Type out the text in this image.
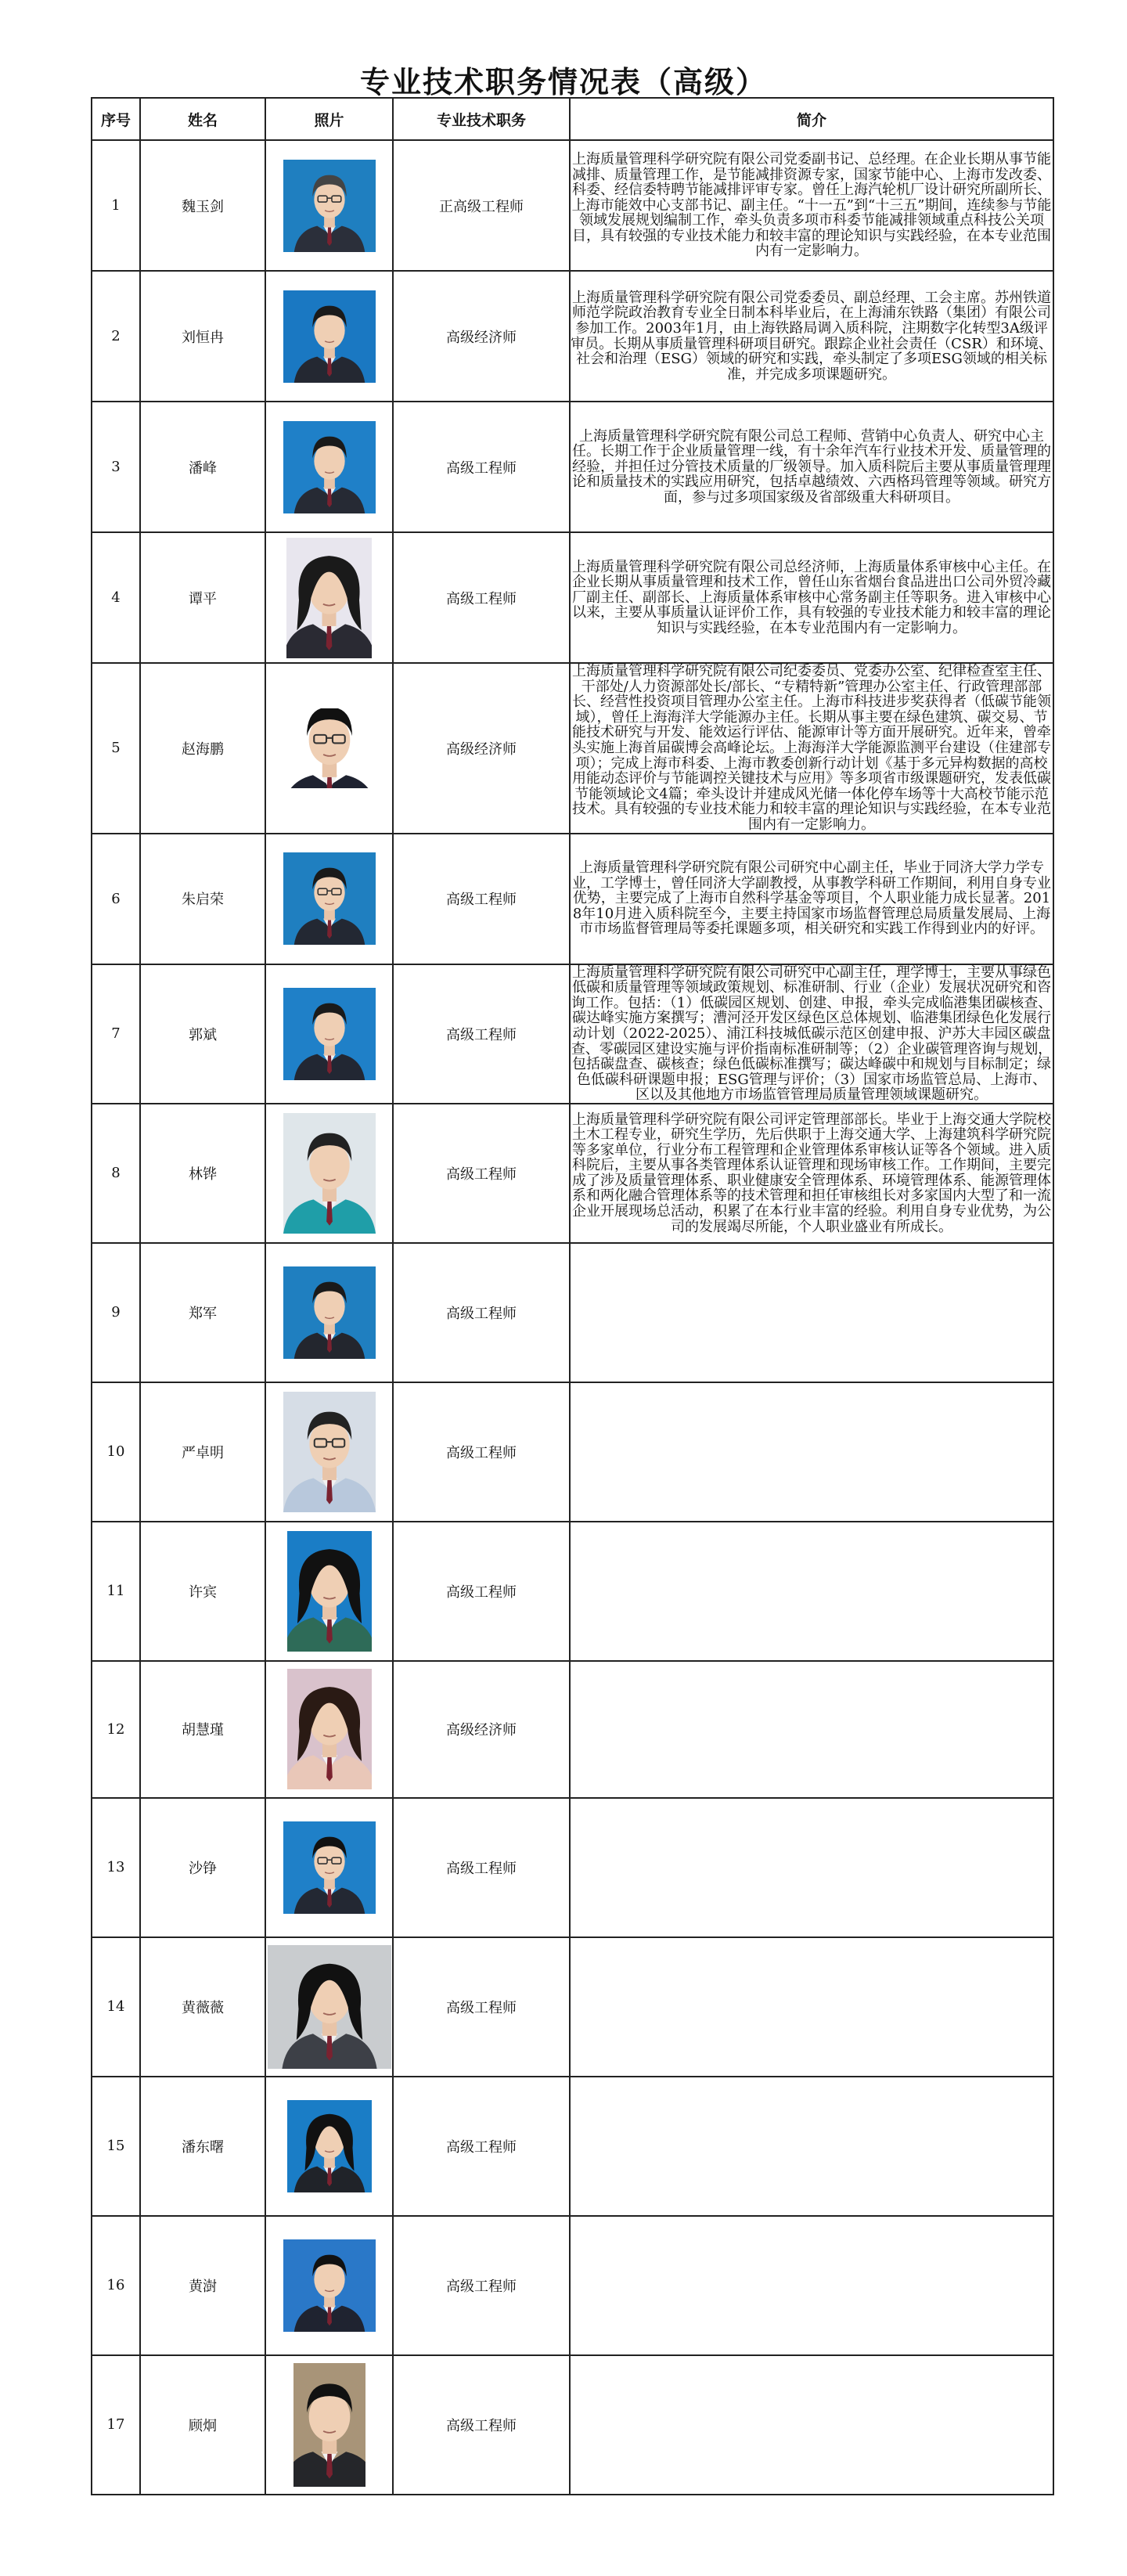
专业技术职务情况表（高级）
序号	姓名	照片	专业技术职务	简介
1	魏玉剑		正高级工程师	上海质量管理科学研究院有限公司党委副书记、总经理。在企业长期从事节能减排、质量管理工作，是节能减排资源专家，国家节能中心、上海市发改委、科委、经信委特聘节能减排评审专家。曾任上海汽轮机厂设计研究所副所长、上海市能效中心支部书记、副主任。“十一五”到“十三五”期间，连续参与节能领域发展规划编制工作，牵头负责多项市科委节能减排领域重点科技公关项目，具有较强的专业技术能力和较丰富的理论知识与实践经验，在本专业范围内有一定影响力。
2	刘恒冉		高级经济师	上海质量管理科学研究院有限公司党委委员、副总经理、工会主席。苏州铁道师范学院政治教育专业全日制本科毕业后，在上海浦东铁路（集团）有限公司参加工作。2003年1月，由上海铁路局调入质科院，注期数字化转型3A级评审员。长期从事质量管理科研项目研究。跟踪企业社会责任（CSR）和环境、社会和治理（ESG）领域的研究和实践，牵头制定了多项ESG领域的相关标准，并完成多项课题研究。
3	潘峰		高级工程师	上海质量管理科学研究院有限公司总工程师、营销中心负责人、研究中心主任。长期工作于企业质量管理一线，有十余年汽车行业技术开发、质量管理的经验，并担任过分管技术质量的厂级领导。加入质科院后主要从事质量管理理论和质量技术的实践应用研究，包括卓越绩效、六西格玛管理等领域。研究方面，参与过多项国家级及省部级重大科研项目。
4	谭平		高级工程师	上海质量管理科学研究院有限公司总经济师，上海质量体系审核中心主任。在企业长期从事质量管理和技术工作，曾任山东省烟台食品进出口公司外贸冷藏厂副主任、副部长、上海质量体系审核中心常务副主任等职务。进入审核中心以来，主要从事质量认证评价工作，具有较强的专业技术能力和较丰富的理论知识与实践经验，在本专业范围内有一定影响力。
5	赵海鹏		高级经济师	上海质量管理科学研究院有限公司纪委委员、党委办公室、纪律检查室主任、干部处/人力资源部处长/部长、“专精特新”管理办公室主任、行政管理部部长、经营性投资项目管理办公室主任。上海市科技进步奖获得者（低碳节能领域），曾任上海海洋大学能源办主任。长期从事主要在绿色建筑、碳交易、节能技术研究与开发、能效运行评估、能源审计等方面开展研究。近年来，曾牵头实施上海首届碳博会高峰论坛。上海海洋大学能源监测平台建设（住建部专项）；完成上海市科委、上海市教委创新行动计划《基于多元异构数据的高校用能动态评价与节能调控关键技术与应用》等多项省市级课题研究，发表低碳节能领域论文4篇；牵头设计并建成风光储一体化停车场等十大高校节能示范技术。具有较强的专业技术能力和较丰富的理论知识与实践经验，在本专业范围内有一定影响力。
6	朱启荣		高级工程师	上海质量管理科学研究院有限公司研究中心副主任，毕业于同济大学力学专业，工学博士，曾任同济大学副教授，从事教学科研工作期间，利用自身专业优势，主要完成了上海市自然科学基金等项目，个人职业能力成长显著。2018年10月进入质科院至今，主要主持国家市场监督管理总局质量发展局、上海市市场监督管理局等委托课题多项，相关研究和实践工作得到业内的好评。
7	郭斌		高级工程师	上海质量管理科学研究院有限公司研究中心副主任，理学博士，主要从事绿色低碳和质量管理等领域政策规划、标准研制、行业（企业）发展状况研究和咨询工作。包括：（1）低碳园区规划、创建、申报，牵头完成临港集团碳核查、碳达峰实施方案撰写；漕河泾开发区绿色区总体规划、临港集团绿色化发展行动计划（2022-2025）、浦江科技城低碳示范区创建申报、沪苏大丰园区碳盘查、零碳园区建设实施与评价指南标准研制等；（2）企业碳管理咨询与规划，包括碳盘查、碳核查；绿色低碳标准撰写；碳达峰碳中和规划与目标制定；绿色低碳科研课题申报；ESG管理与评价；（3）国家市场监管总局、上海市、区以及其他地方市场监管管理局质量管理领域课题研究。
8	林铧		高级工程师	上海质量管理科学研究院有限公司评定管理部部长。毕业于上海交通大学院校土木工程专业，研究生学历，先后供职于上海交通大学、上海建筑科学研究院等多家单位，行业分布工程管理和企业管理体系审核认证等各个领域。进入质科院后，主要从事各类管理体系认证管理和现场审核工作。工作期间，主要完成了涉及质量管理体系、职业健康安全管理体系、环境管理体系、能源管理体系和两化融合管理体系等的技术管理和担任审核组长对多家国内大型了和一流企业开展现场总活动，积累了在本行业丰富的经验。利用自身专业优势，为公司的发展竭尽所能，个人职业盛业有所成长。
9	郑军		高级工程师	
10	严卓明		高级工程师	
11	许宾		高级工程师	
12	胡慧瑾		高级经济师	
13	沙铮		高级工程师	
14	黄薇薇		高级工程师	
15	潘东曙		高级工程师	
16	黄澍		高级工程师	
17	顾炯		高级工程师	
